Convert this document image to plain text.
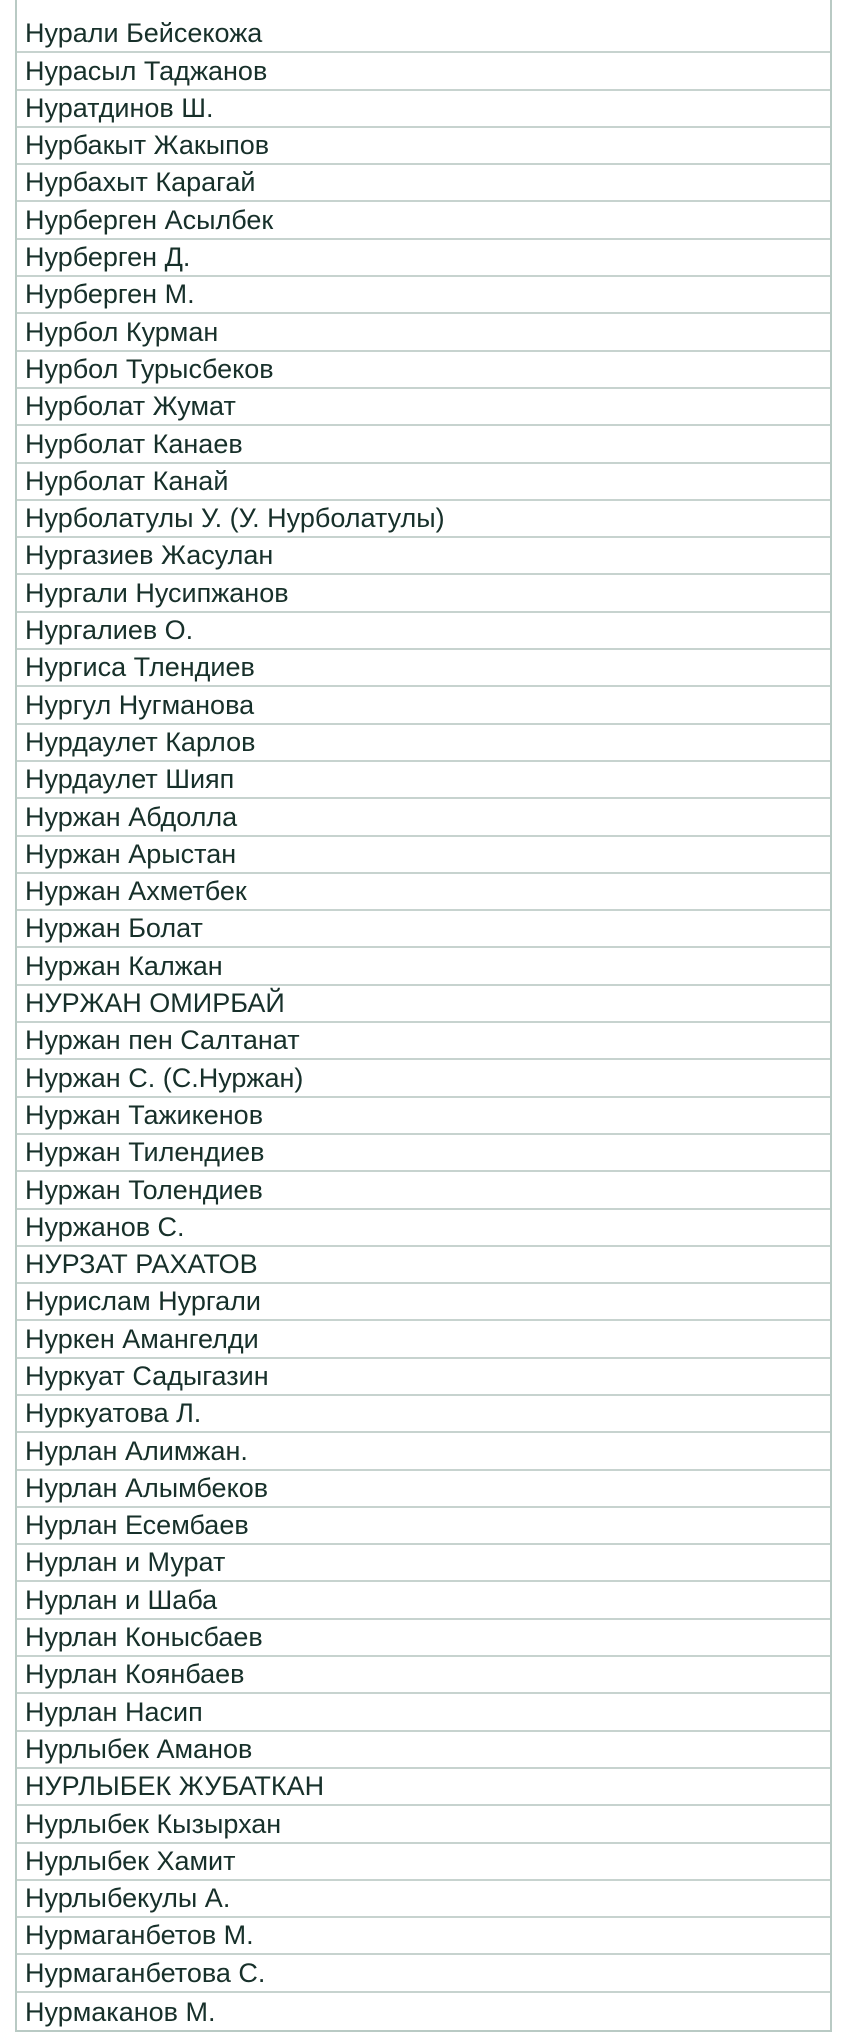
Нурали Бейсекожа
Нурасыл Таджанов
Нуратдинов Ш.
Нурбакыт Жакыпов
Нурбахыт Карагай
Нурберген Асылбек
Нурберген Д.
Нурберген М.
Нурбол Курман
Нурбол Турысбеков
Нурболат Жумат
Нурболат Канаев
Нурболат Канай
Нурболатулы У. (У. Нурболатулы)
Нургазиев Жасулан
Нургали Нусипжанов
Нургалиев О.
Нургиса Тлендиев
Нургул Нугманова
Нурдаулет Карлов
Нурдаулет Шияп
Нуржан Абдолла
Нуржан Арыстан
Нуржан Ахметбек
Нуржан Болат
Нуржан Калжан
НУРЖАН ОМИРБАЙ
Нуржан пен Салтанат
Нуржан С. (С.Нуржан)
Нуржан Тажикенов
Нуржан Тилендиев
Нуржан Толендиев
Нуржанов С.
НУРЗАТ РАХАТОВ
Нурислам Нургали
Нуркен Амангелди
Нуркуат Садыгазин
Нуркуатова Л.
Нурлан Алимжан.
Нурлан Алымбеков
Нурлан Есембаев
Нурлан и Мурат
Нурлан и Шаба
Нурлан Конысбаев
Нурлан Коянбаев
Нурлан Насип
Нурлыбек Аманов
НУРЛЫБЕК ЖУБАТКАН
Нурлыбек Кызырхан
Нурлыбек Хамит
Нурлыбекулы А.
Нурмаганбетов М.
Нурмаганбетова С.
Нурмаканов М.
